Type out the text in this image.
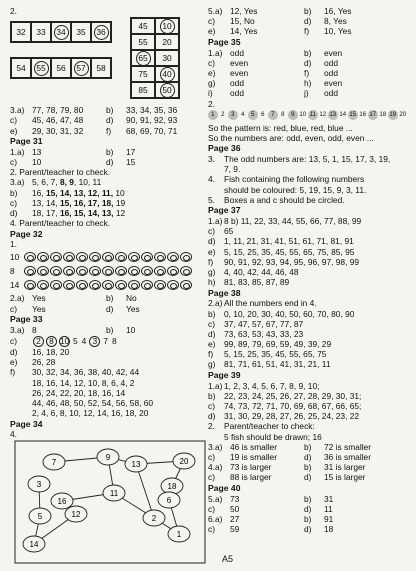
2.
32 33	34	35	36
54	55	56	57	58
45	10
55 20
65	30
75	40
85	50
3.a) 77, 78, 79, 80	b)	33, 34, 35, 36
c)	45, 46, 47, 48	d)	90, 91, 92, 93
e)	29, 30, 31, 32	f)	68, 69, 70, 71
Page 31
1.a) 13	b)	17
c)	10	d)	15
2. Parent/teacher to check.
3.a) 5, 6, 7, 8, 9 , 10, 11
b)	16, 15, 14, 13, 12, 11, 10
c)	13, 14, 15, 16, 17, 18, 19
d)	18, 17, 16, 15, 14, 13, 12
4. Parent/teacher to check.
Page 32
1.
10
8
14
2.a) Yes	b)	No
c)	Yes	d)	Yes
Page 33
3.a) 8	b)	10
c)	2 8 10 5 4 3 7 8
d)	16, 18, 20
e)	26, 28
f)	30, 32, 34, 36, 38, 40, 42, 44
18, 16, 14, 12, 10, 8, 6, 4, 2
26, 24, 22, 20, 18, 16, 14
44, 46, 48, 50, 52, 54, 56, 58, 60
2, 4, 6, 8, 10, 12, 14, 16, 18, 20
Page 34
4.
7
9
13	20
3	18
11
16	6
5	12	2
14
1
5.a) 12, Yes	b)	16, Yes
c)	15, No	d)	8, Yes
e)	14, Yes	f)	10, Yes
Page 35
1.a) odd	b)	even
c)	even	d)	odd
e)	even	f)	odd
g)	odd	h)	even
i)	odd	j)	odd
2.
1	2	3	4	5	6	7	8	9 10 11 12 13 14 15 16 17 18 19 20
So the pattern is: red, blue, red, blue ...
So the numbers are: odd, even, odd, even ...
Page 36
3.	The odd numbers are: 13, 5, 1, 15, 17, 3, 19,
7, 9.
4.	Fish containing the following numbers
should be coloured: 5, 19, 15, 9, 3, 11.
5.	Boxes a and c should be circled.
Page 37
1.a) 8 b) 11, 22, 33, 44, 55, 66, 77, 88, 99
c)	65
d)	1, 11, 21, 31, 41, 51, 61, 71, 81, 91
e)	5, 15, 25, 35, 45, 55, 65, 75, 85, 95
f)	90, 91, 92, 93, 94, 95, 96, 97, 98, 99
g)	4, 40, 42, 44, 46, 48
h)	81, 83, 85, 87, 89
Page 38
2.a) All the numbers end in 4.
b)	0, 10, 20, 30, 40, 50, 60, 70, 80, 90
c)	37, 47, 57, 67, 77, 87
d)	73, 63, 53, 43, 33, 23
e)	99, 89, 79, 69, 59, 49, 39, 29
f)	5, 15, 25, 35, 45, 55, 65, 75
g)	81, 71, 61, 51, 41, 31, 21, 11
Page 39
1.a) 1, 2, 3, 4, 5, 6, 7, 8, 9, 10;
b)	22, 23, 24, 25, 26, 27, 28, 29, 30, 31;
c)	74, 73, 72, 71, 70, 69, 68, 67, 66, 65;
d)	31, 30, 29, 28, 27, 26, 25, 24, 23, 22
2.	Parent/teacher to check:
5 fish should be drawn; 16
3.a) 46 is smaller	b)	72 is smaller
c)	19 is smaller	d)	36 is smaller
4.a) 73 is larger	b)	31 is larger
c)	88 is larger	d)	15 is larger
Page 40
5.a) 73	b)	31
c)	50	d)	11
6.a) 27	b)	91
c)	59	d)	18
A5
